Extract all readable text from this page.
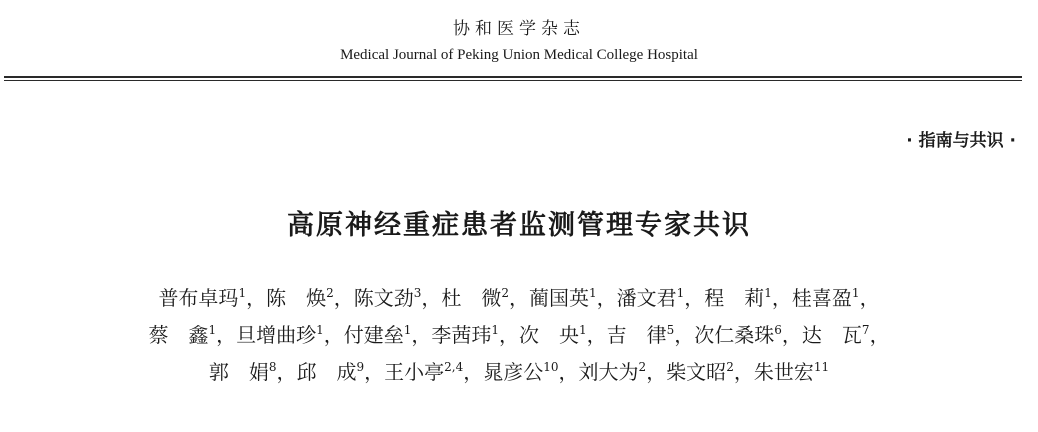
协和医学杂志
Medical Journal of Peking Union Medical College Hospital
· 指南与共识 ·
高原神经重症患者监测管理专家共识
普布卓玛$^1$，陈　焕$^2$，陈文劲$^3$，杜　微$^2$，蔺国英$^1$，潘文君$^1$，程　莉$^1$，桂喜盈$^1$，
蔡　鑫$^1$，旦增曲珍$^1$，付建垒$^1$，李茜玮$^1$，次　央$^1$，吉　律$^5$，次仁桑珠$^6$，达　瓦$^7$，
郭　娟$^8$，邱　成$^9$，王小亭$^{2,4}$，晁彦公$^{10}$，刘大为$^2$，柴文昭$^2$，朱世宏$^{11}$
